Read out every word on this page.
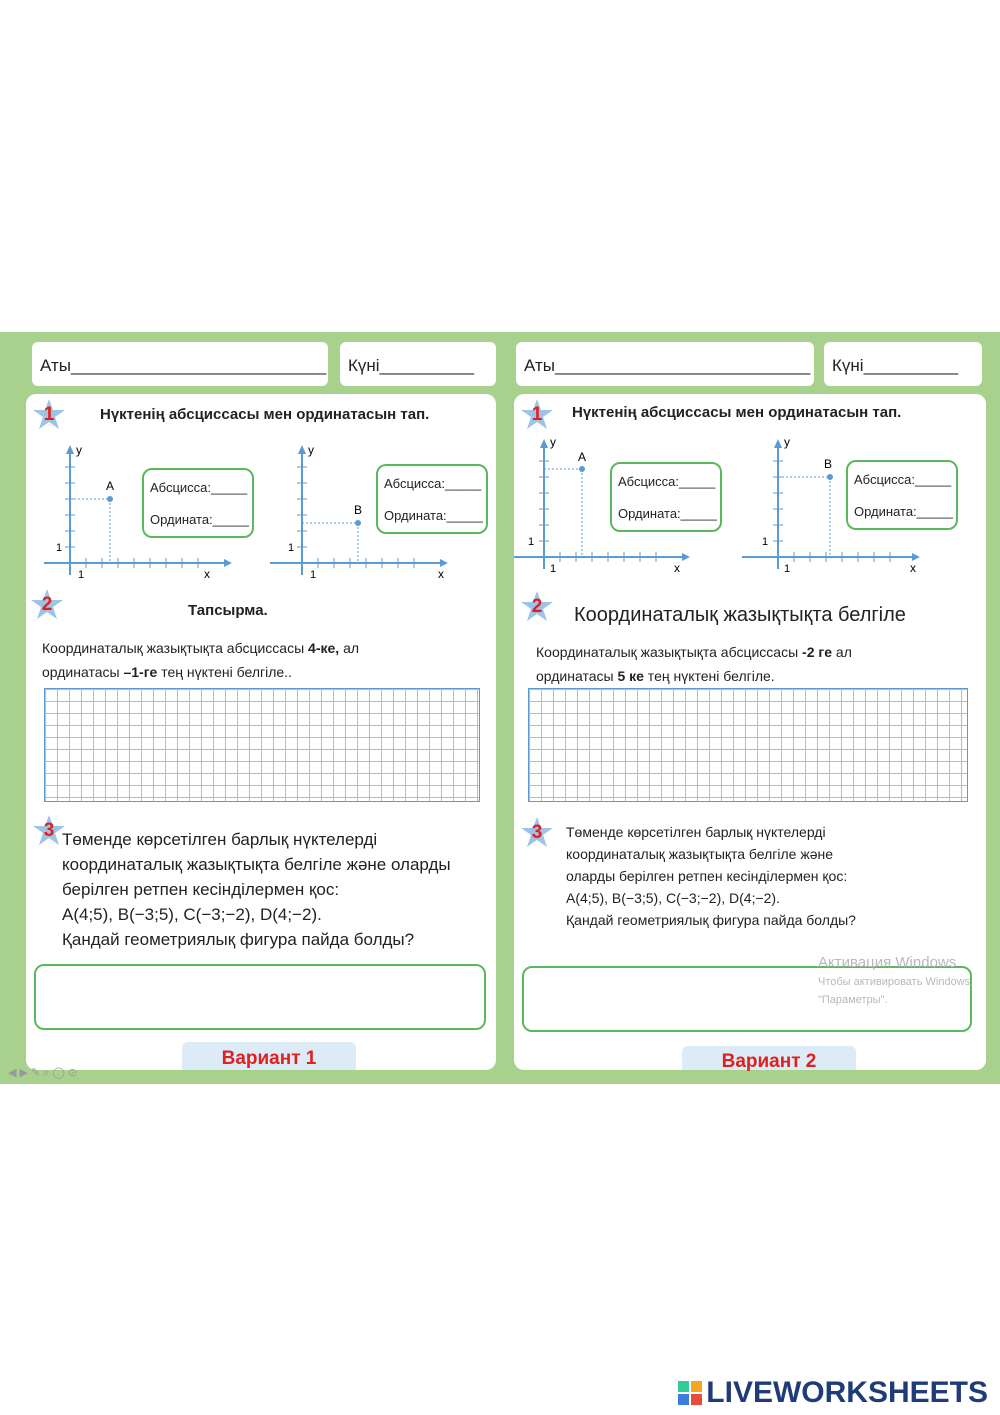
Аты___________________________ Күні__________
1	Нүктенің абсциссасы мен ординатасын тап.
A
y
x
1
1
Абсцисса:_____
Ордината:_____
B
y
x
1
1
Абсцисса:_____
Ордината:_____
2	Тапсырма.
Координаталық жазықтықта абсциссасы 4-ке, ал
ординатасы –1-ге тең нүктені белгіле..
3 Төменде көрсетілген барлық нүктелерді
координаталық жазықтықта белгіле және оларды
берілген ретпен кесінділермен қос:
A(4;5), B(−3;5), C(−3;−2), D(4;−2).
Қандай геометриялық фигура пайда болды?
Вариант 1
Аты___________________________ Күні__________
1	Нүктенің абсциссасы мен ординатасын тап.
A
y
x
1
1
Абсцисса:_____
Ордината:_____
B
y
x
1
1
Абсцисса:_____
Ордината:_____
2	Координаталық жазықтықта белгіле
Координаталық жазықтықта абсциссасы -2 ге ал
ординатасы 5 ке тең нүктені белгіле.
3	Төменде көрсетілген барлық нүктелерді
координаталық жазықтықта белгіле және
оларды берілген ретпен кесінділермен қос:
A(4;5), B(−3;5), C(−3;−2), D(4;−2).
Қандай геометриялық фигура пайда болды?
Вариант 2
Активация Windows
Чтобы активировать Windows,
"Параметры".
◀ ▶ ✎ ⌕ ◯ ⊙
LIVEWORKSHEETS
